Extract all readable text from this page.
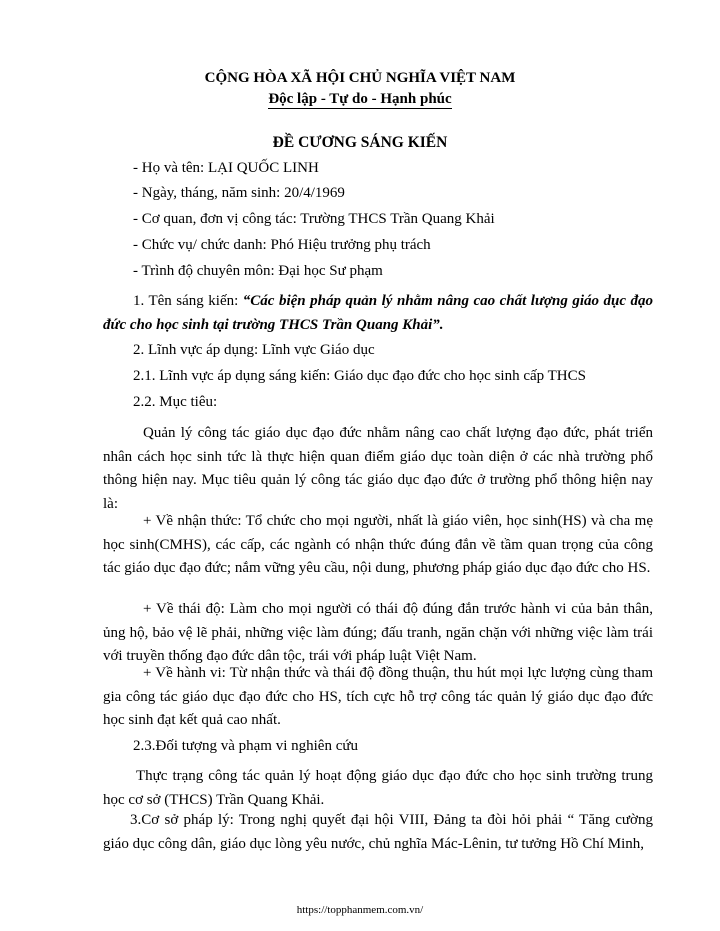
CỘNG HÒA XÃ HỘI CHỦ NGHĨA VIỆT NAM
Độc lập - Tự do - Hạnh phúc
ĐỀ CƯƠNG SÁNG KIẾN
- Họ và tên: LẠI QUỐC LINH
- Ngày, tháng, năm sinh: 20/4/1969
- Cơ quan, đơn vị công tác: Trường THCS Trần Quang Khải
- Chức vụ/ chức danh: Phó Hiệu trưởng phụ trách
- Trình độ chuyên môn: Đại học Sư phạm
1. Tên sáng kiến: “Các biện pháp quản lý nhằm nâng cao chất lượng giáo dục đạo đức cho học sinh tại trường THCS Trần Quang Khải”.
2. Lĩnh vực áp dụng: Lĩnh vực Giáo dục
2.1. Lĩnh vực áp dụng sáng kiến: Giáo dục đạo đức cho học sinh cấp THCS
2.2. Mục tiêu:
Quản lý công tác giáo dục đạo đức nhằm nâng cao chất lượng đạo đức, phát triển nhân cách học sinh tức là thực hiện quan điểm giáo dục toàn diện ở các nhà trường phổ thông hiện nay. Mục tiêu quản lý công tác giáo dục đạo đức ở trường phổ thông hiện nay là:
+ Về nhận thức: Tổ chức cho mọi người, nhất là giáo viên, học sinh(HS) và cha mẹ học sinh(CMHS), các cấp, các ngành có nhận thức đúng đắn về tầm quan trọng của công tác giáo dục đạo đức; nắm vững yêu cầu, nội dung, phương pháp giáo dục đạo đức cho HS.
+ Về thái độ: Làm cho mọi người có thái độ đúng đắn trước hành vi của bản thân, ủng hộ, bảo vệ lẽ phải, những việc làm đúng; đấu tranh, ngăn chặn với những việc làm trái với truyền thống đạo đức dân tộc, trái với pháp luật Việt Nam.
+ Về hành vi: Từ nhận thức và thái độ đồng thuận, thu hút mọi lực lượng cùng tham gia công tác giáo dục đạo đức cho HS, tích cực hỗ trợ công tác quản lý giáo dục đạo đức học sinh đạt kết quả cao nhất.
2.3.Đối tượng và phạm vi nghiên cứu
Thực trạng công tác quản lý hoạt động giáo dục đạo đức cho học sinh trường trung học cơ sở (THCS) Trần Quang Khải.
3.Cơ sở pháp lý: Trong nghị quyết đại hội VIII, Đảng ta đòi hỏi phải “ Tăng cường giáo dục công dân, giáo dục lòng yêu nước, chủ nghĩa Mác-Lênin, tư tưởng Hồ Chí Minh,
https://topphanmem.com.vn/
